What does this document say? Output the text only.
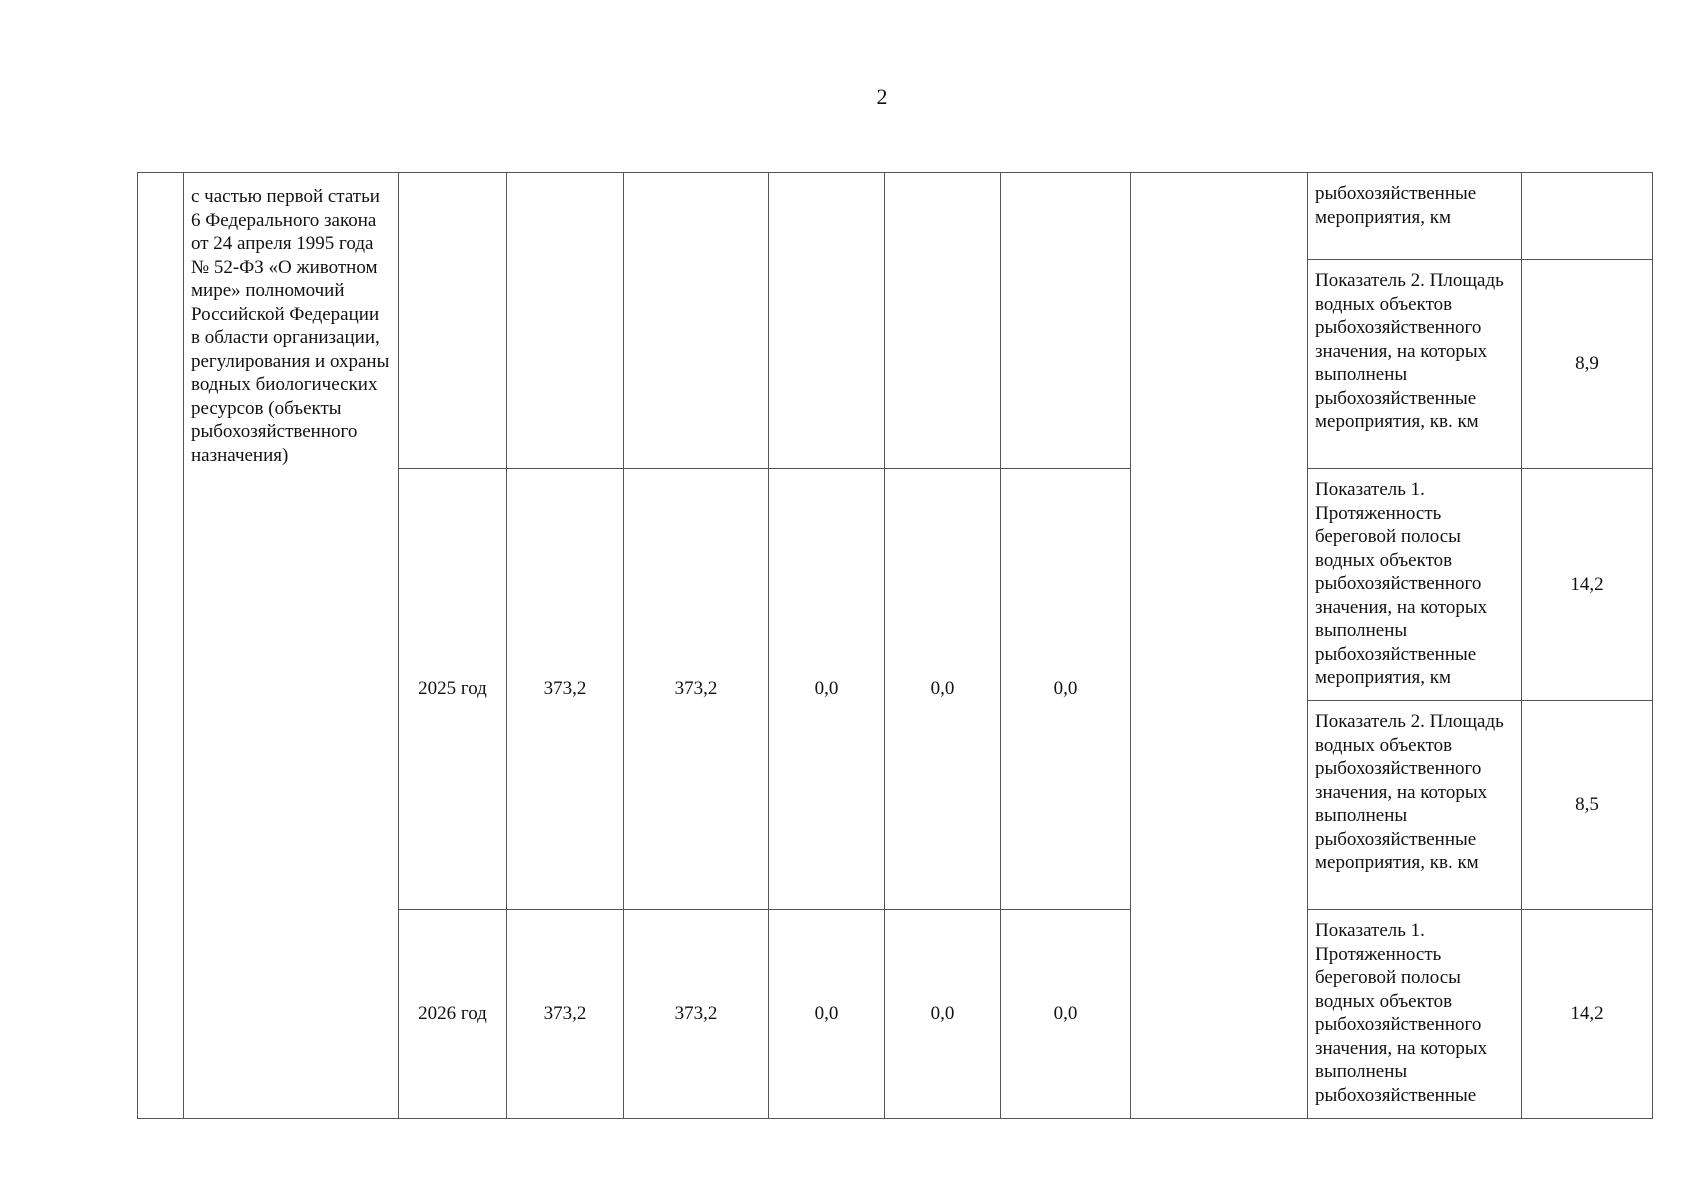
2
	с частью первой статьи 6 Федерального закона от 24 апреля 1995 года № 52-ФЗ «О животном мире» полномочий Российской Федерации в области организации, регулирования и охраны водных биологических ресурсов (объекты рыбохозяйственного назначения)								рыбохозяйственные мероприятия, км	
									Показатель 2. Площадь водных объектов рыбохозяйственного значения, на которых выполнены рыбохозяйственные мероприятия, кв. км	8,9
		2025 год	373,2	373,2	0,0	0,0	0,0		Показатель 1. Протяженность береговой полосы водных объектов рыбохозяйственного значения, на которых выполнены рыбохозяйственные мероприятия, км	14,2
									Показатель 2. Площадь водных объектов рыбохозяйственного значения, на которых выполнены рыбохозяйственные мероприятия, кв. км	8,5
		2026 год	373,2	373,2	0,0	0,0	0,0		Показатель 1. Протяженность береговой полосы водных объектов рыбохозяйственного значения, на которых выполнены рыбохозяйственные	14,2
